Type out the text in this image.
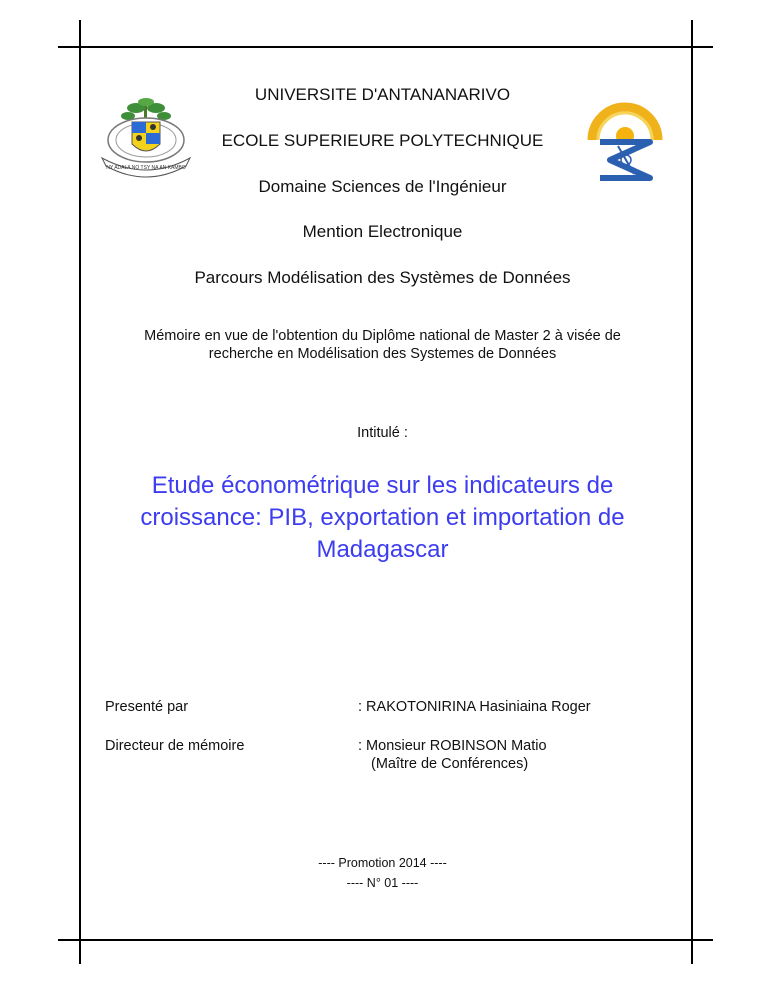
NY ADALA NO TSY NA AN KAMBO
UNIVERSITE D'ANTANANARIVO
ECOLE SUPERIEURE POLYTECHNIQUE
Domaine Sciences de l'Ingénieur
Mention Electronique
Parcours Modélisation des Systèmes de Données
Mémoire en vue de l'obtention du Diplôme national de Master 2 à visée de
recherche en Modélisation des Systemes de Données
Intitulé :
Etude économétrique sur les indicateurs de
croissance: PIB, exportation et importation de
Madagascar
Presenté par	: RAKOTONIRINA Hasiniaina Roger
Directeur de mémoire	: Monsieur ROBINSON Matio
(Maître de Conférences)
---- Promotion 2014 ----
---- N° 01 ----
